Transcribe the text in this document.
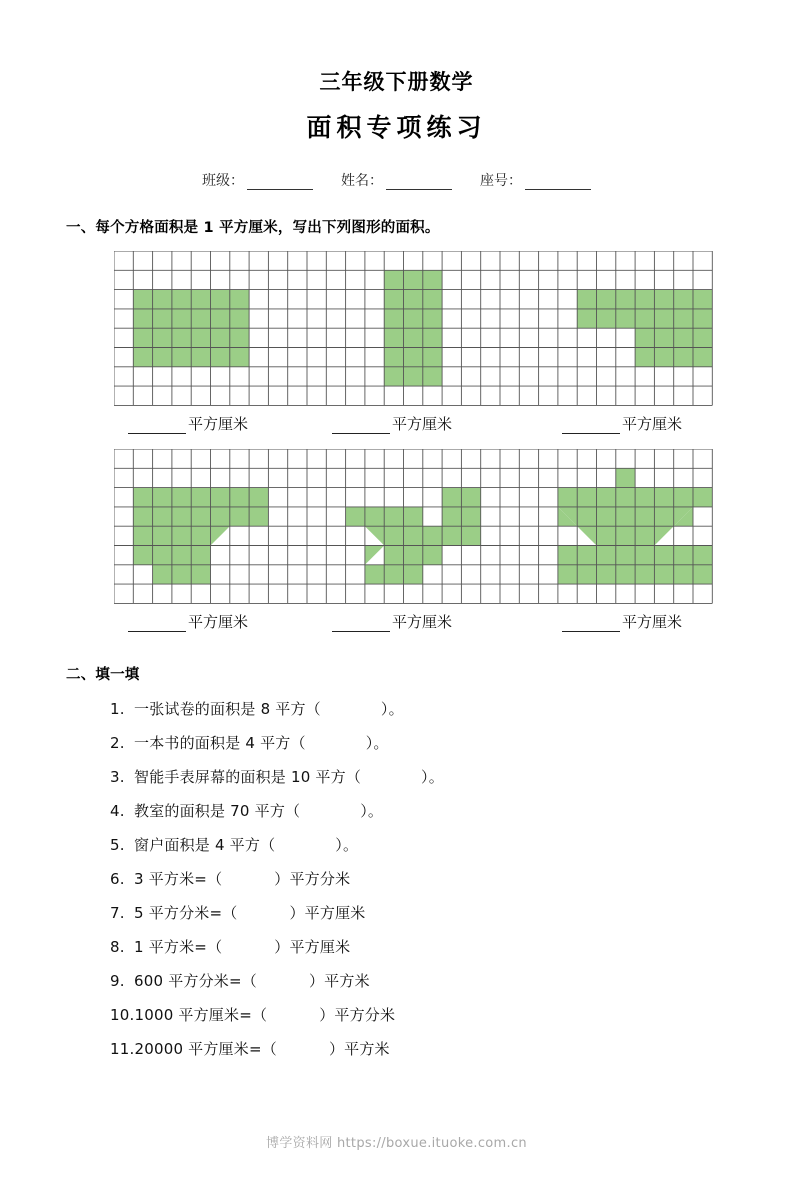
三年级下册数学
面积专项练习
班级：	姓名：	座号：
一、每个方格面积是 1 平方厘米，写出下列图形的面积。
平方厘米	平方厘米	平方厘米
平方厘米	平方厘米	平方厘米
二、填一填
1. 一张试卷的面积是 8 平方（	）。
2. 一本书的面积是 4 平方（	）。
3. 智能手表屏幕的面积是 10 平方（	）。
4. 教室的面积是 70 平方（	）。
5. 窗户面积是 4 平方（	）。
6. 3 平方米=（	）平方分米
7. 5 平方分米=（	）平方厘米
8. 1 平方米=（	）平方厘米
9. 600 平方分米=（	）平方米
10.1000 平方厘米=（	）平方分米
11.20000 平方厘米=（	）平方米
博学资料网 https://boxue.ituoke.com.cn
